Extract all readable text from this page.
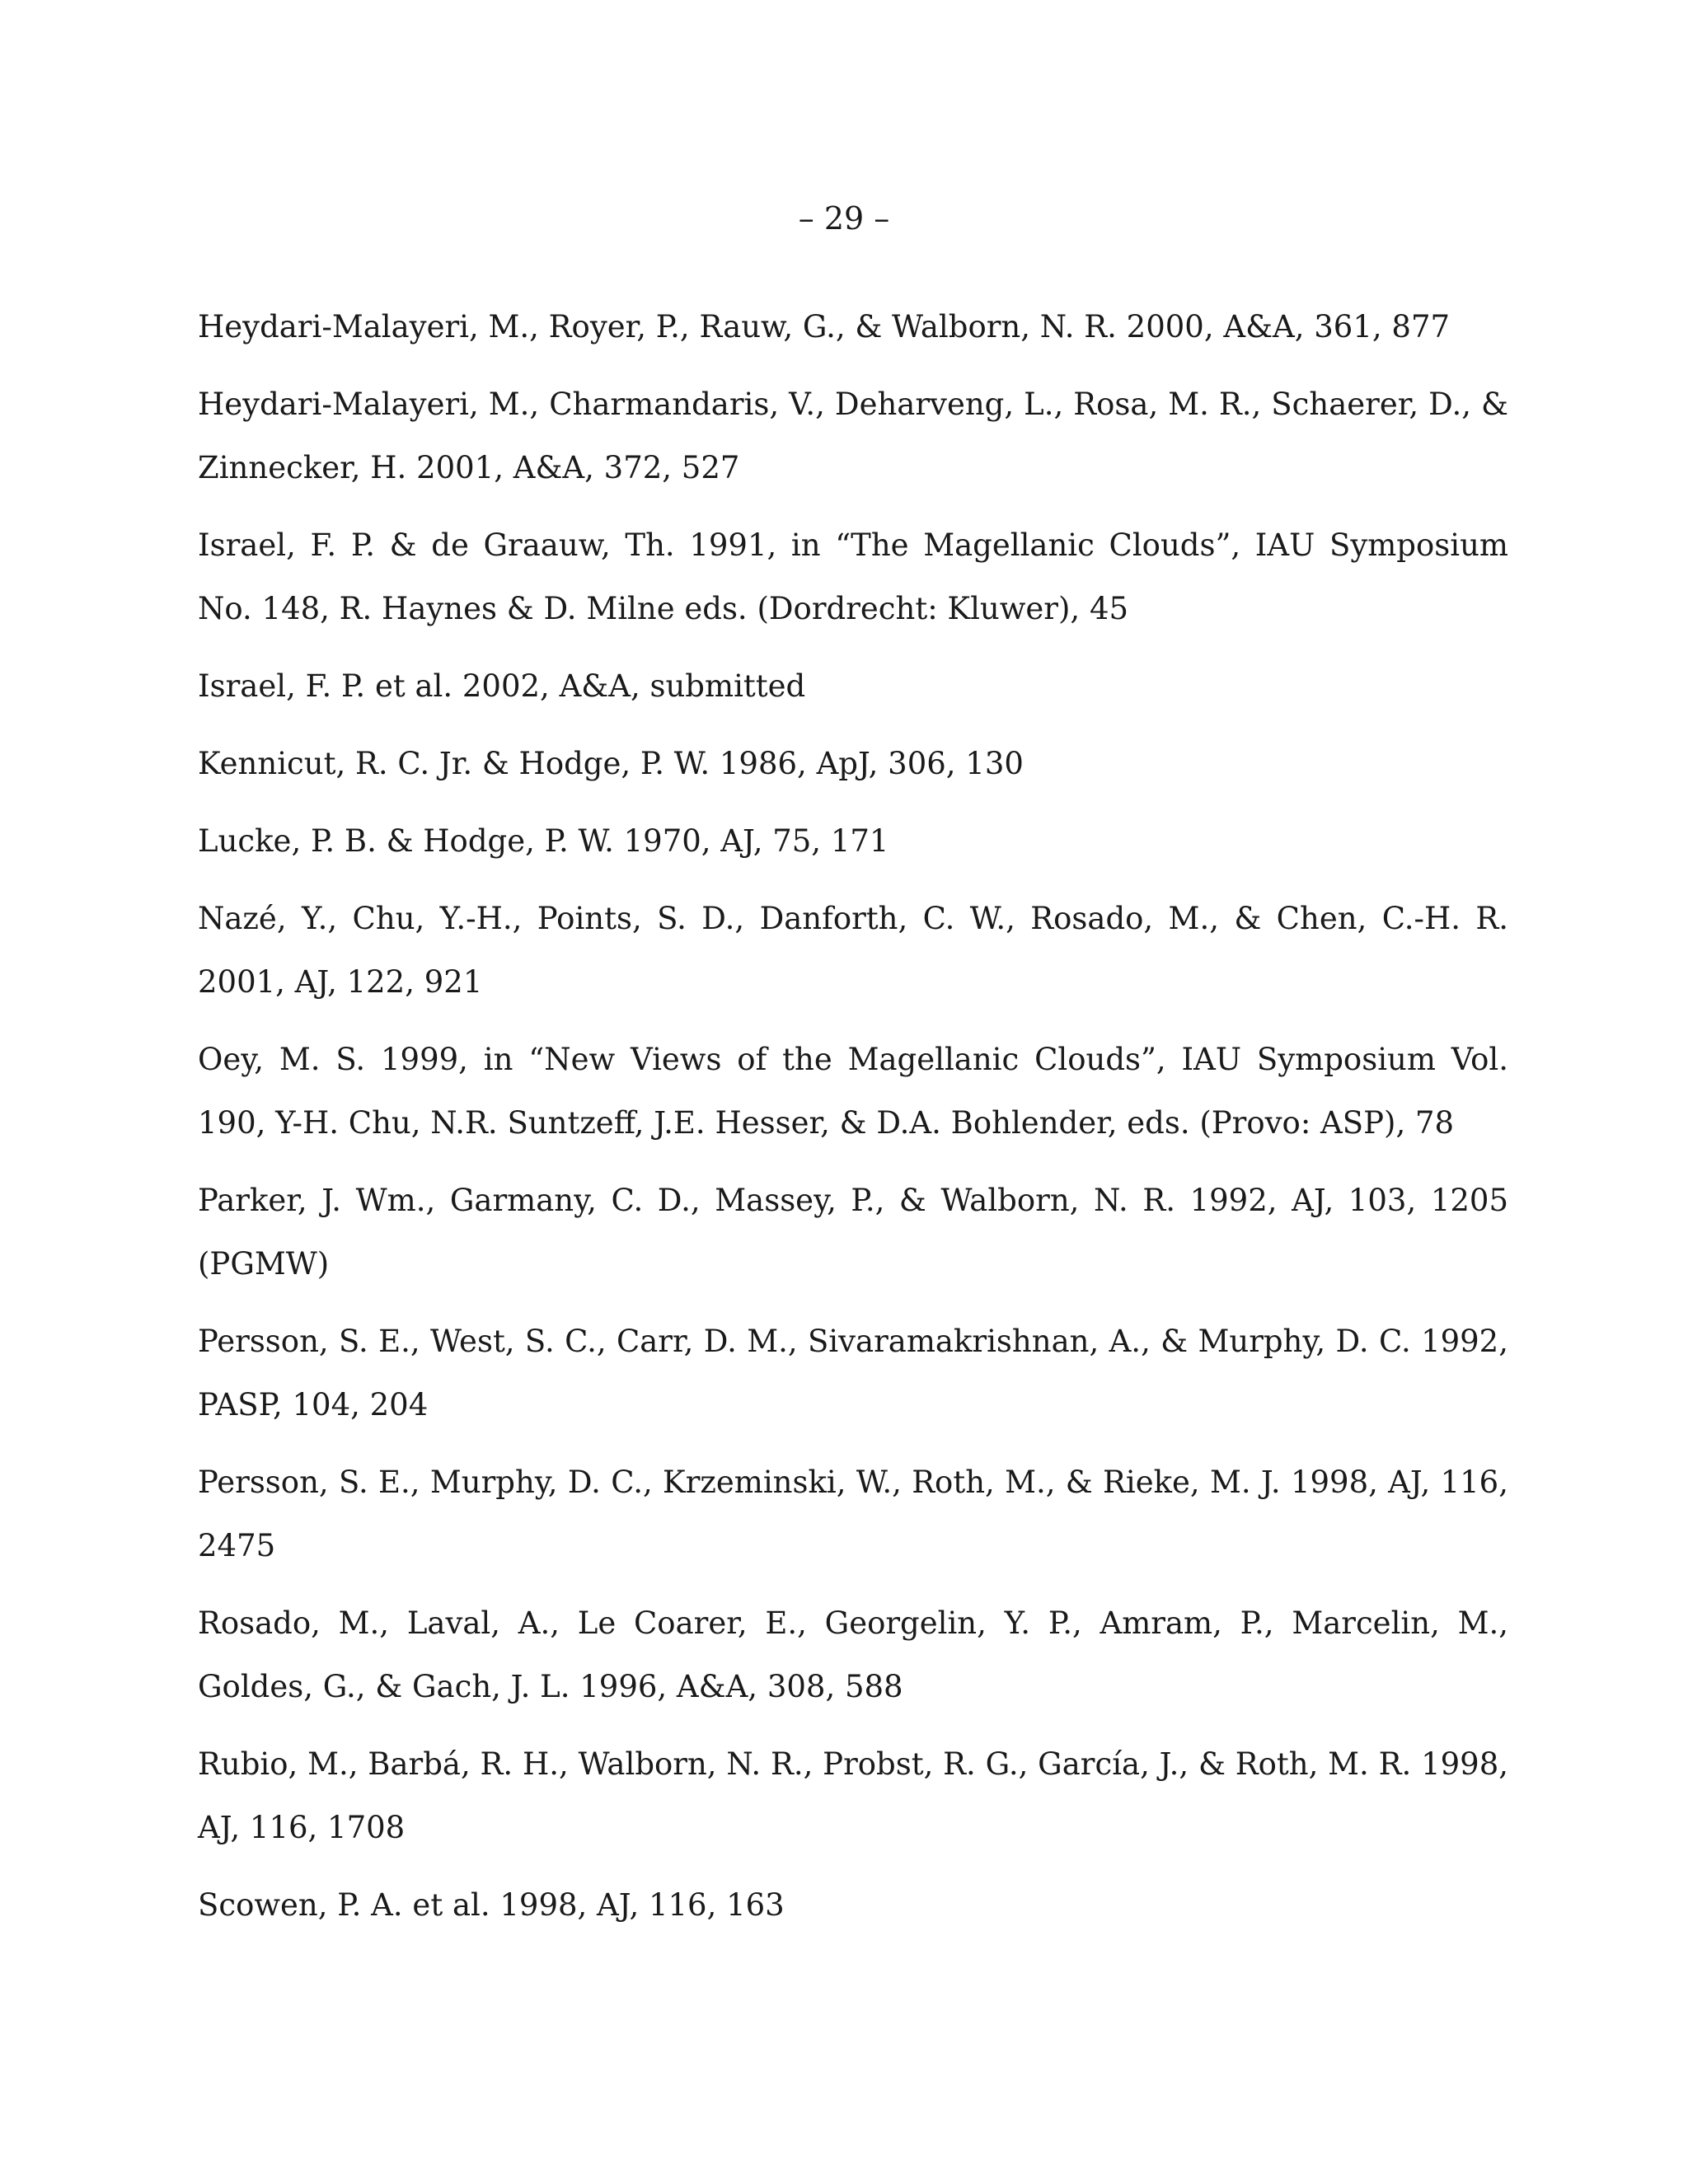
– 29 –
Heydari-Malayeri, M., Royer, P., Rauw, G., & Walborn, N. R. 2000, A&A, 361, 877
Heydari-Malayeri, M., Charmandaris, V., Deharveng, L., Rosa, M. R., Schaerer, D., & Zinnecker, H. 2001, A&A, 372, 527
Israel, F. P. & de Graauw, Th. 1991, in “The Magellanic Clouds”, IAU Symposium No. 148, R. Haynes & D. Milne eds. (Dordrecht: Kluwer), 45
Israel, F. P. et al. 2002, A&A, submitted
Kennicut, R. C. Jr. & Hodge, P. W. 1986, ApJ, 306, 130
Lucke, P. B. & Hodge, P. W. 1970, AJ, 75, 171
Nazé, Y., Chu, Y.-H., Points, S. D., Danforth, C. W., Rosado, M., & Chen, C.-H. R. 2001, AJ, 122, 921
Oey, M. S. 1999, in “New Views of the Magellanic Clouds”, IAU Symposium Vol. 190, Y-H. Chu, N.R. Suntzeff, J.E. Hesser, & D.A. Bohlender, eds. (Provo: ASP), 78
Parker, J. Wm., Garmany, C. D., Massey, P., & Walborn, N. R. 1992, AJ, 103, 1205 (PGMW)
Persson, S. E., West, S. C., Carr, D. M., Sivaramakrishnan, A., & Murphy, D. C. 1992, PASP, 104, 204
Persson, S. E., Murphy, D. C., Krzeminski, W., Roth, M., & Rieke, M. J. 1998, AJ, 116, 2475
Rosado, M., Laval, A., Le Coarer, E., Georgelin, Y. P., Amram, P., Marcelin, M., Goldes, G., & Gach, J. L. 1996, A&A, 308, 588
Rubio, M., Barbá, R. H., Walborn, N. R., Probst, R. G., García, J., & Roth, M. R. 1998, AJ, 116, 1708
Scowen, P. A. et al. 1998, AJ, 116, 163
